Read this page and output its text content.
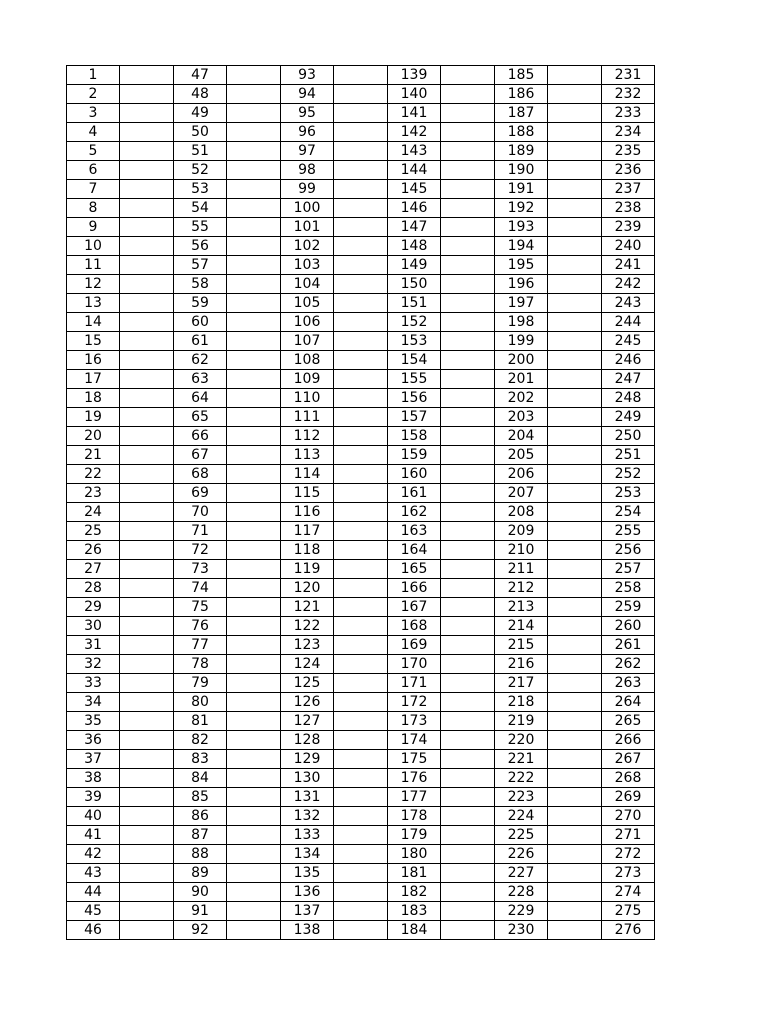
1		47		93		139		185		231
2		48		94		140		186		232
3		49		95		141		187		233
4		50		96		142		188		234
5		51		97		143		189		235
6		52		98		144		190		236
7		53		99		145		191		237
8		54		100		146		192		238
9		55		101		147		193		239
10		56		102		148		194		240
11		57		103		149		195		241
12		58		104		150		196		242
13		59		105		151		197		243
14		60		106		152		198		244
15		61		107		153		199		245
16		62		108		154		200		246
17		63		109		155		201		247
18		64		110		156		202		248
19		65		111		157		203		249
20		66		112		158		204		250
21		67		113		159		205		251
22		68		114		160		206		252
23		69		115		161		207		253
24		70		116		162		208		254
25		71		117		163		209		255
26		72		118		164		210		256
27		73		119		165		211		257
28		74		120		166		212		258
29		75		121		167		213		259
30		76		122		168		214		260
31		77		123		169		215		261
32		78		124		170		216		262
33		79		125		171		217		263
34		80		126		172		218		264
35		81		127		173		219		265
36		82		128		174		220		266
37		83		129		175		221		267
38		84		130		176		222		268
39		85		131		177		223		269
40		86		132		178		224		270
41		87		133		179		225		271
42		88		134		180		226		272
43		89		135		181		227		273
44		90		136		182		228		274
45		91		137		183		229		275
46		92		138		184		230		276
